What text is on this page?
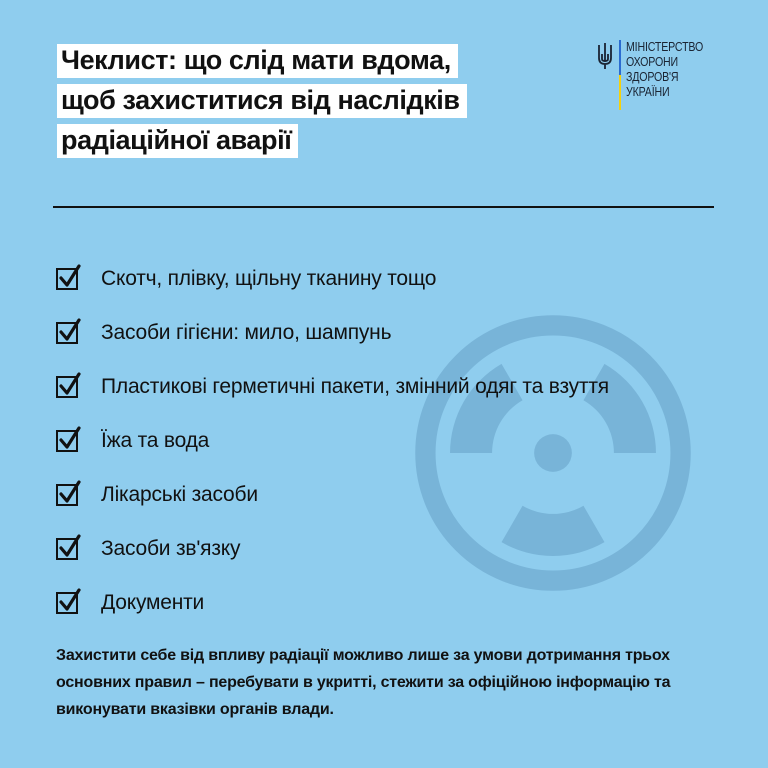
Чеклист: що слід мати вдома,
щоб захиститися від наслідків
радіаційної аварії
МІНІСТЕРСТВО
ОХОРОНИ
ЗДОРОВ'Я
УКРАЇНИ
Скотч, плівку, щільну тканину тощо
Засоби гігієни: мило, шампунь
Пластикові герметичні пакети, змінний одяг та взуття
Їжа та вода
Лікарські засоби
Засоби зв'язку
Документи

Захистити себе від впливу радіації можливо лише за умови дотримання трьох основних правил – перебувати в укритті, стежити за офіційною інформацію та виконувати вказівки органів влади.
